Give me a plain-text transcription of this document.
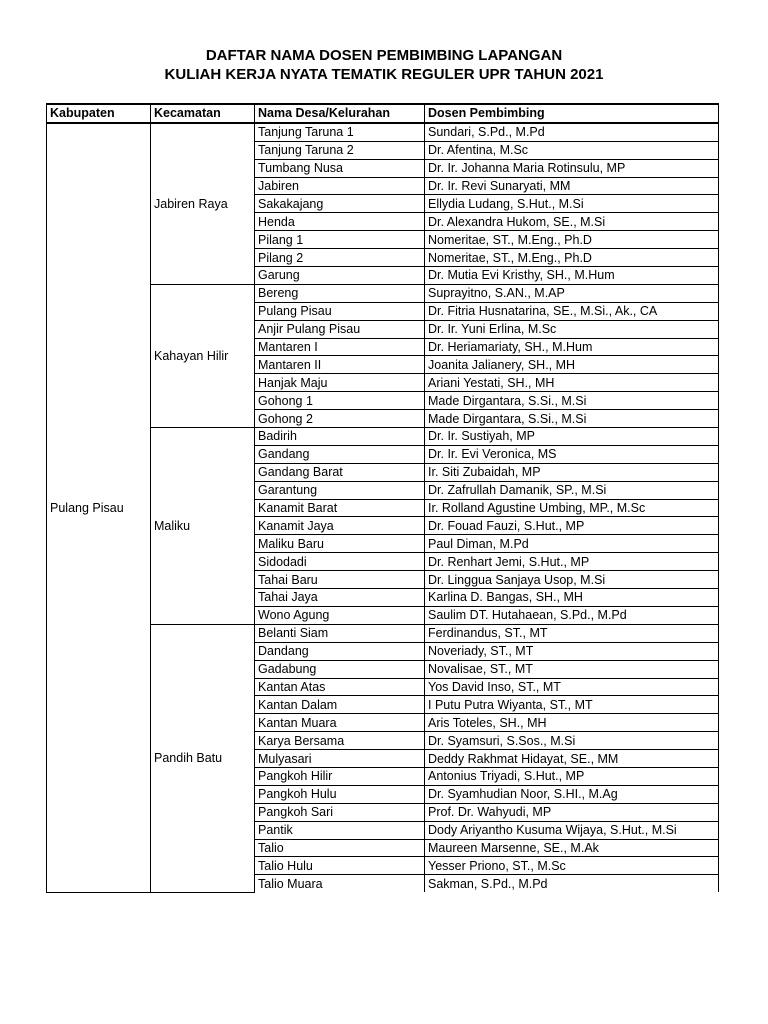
DAFTAR NAMA DOSEN PEMBIMBING LAPANGAN
KULIAH KERJA NYATA TEMATIK REGULER UPR TAHUN 2021
Kabupaten	Kecamatan	Nama Desa/Kelurahan	Dosen Pembimbing
Pulang Pisau	Jabiren Raya	Tanjung Taruna 1	Sundari, S.Pd., M.Pd
		Tanjung Taruna 2	Dr. Afentina, M.Sc
		Tumbang Nusa	Dr. Ir. Johanna Maria Rotinsulu, MP
		Jabiren	Dr. Ir. Revi Sunaryati, MM
		Sakakajang	Ellydia Ludang, S.Hut., M.Si
		Henda	Dr. Alexandra Hukom, SE., M.Si
		Pilang 1	Nomeritae, ST., M.Eng., Ph.D
		Pilang 2	Nomeritae, ST., M.Eng., Ph.D
		Garung	Dr. Mutia Evi Kristhy, SH., M.Hum
	Kahayan Hilir	Bereng	Suprayitno, S.AN., M.AP
		Pulang Pisau	Dr. Fitria Husnatarina, SE., M.Si., Ak., CA
		Anjir Pulang Pisau	Dr. Ir. Yuni Erlina, M.Sc
		Mantaren I	Dr. Heriamariaty, SH., M.Hum
		Mantaren II	Joanita Jalianery, SH., MH
		Hanjak Maju	Ariani Yestati, SH., MH
		Gohong 1	Made Dirgantara, S.Si., M.Si
		Gohong 2	Made Dirgantara, S.Si., M.Si
	Maliku	Badirih	Dr. Ir. Sustiyah, MP
		Gandang	Dr. Ir. Evi Veronica, MS
		Gandang Barat	Ir. Siti Zubaidah, MP
		Garantung	Dr. Zafrullah Damanik, SP., M.Si
		Kanamit Barat	Ir. Rolland Agustine Umbing, MP., M.Sc
		Kanamit Jaya	Dr. Fouad Fauzi, S.Hut., MP
		Maliku Baru	Paul Diman, M.Pd
		Sidodadi	Dr. Renhart Jemi, S.Hut., MP
		Tahai Baru	Dr. Linggua Sanjaya Usop, M.Si
		Tahai Jaya	Karlina D. Bangas, SH., MH
		Wono Agung	Saulim DT. Hutahaean, S.Pd., M.Pd
	Pandih Batu	Belanti Siam	Ferdinandus, ST., MT
		Dandang	Noveriady, ST., MT
		Gadabung	Novalisae, ST., MT
		Kantan Atas	Yos David Inso, ST., MT
		Kantan Dalam	I Putu Putra Wiyanta, ST., MT
		Kantan Muara	Aris Toteles, SH., MH
		Karya Bersama	Dr. Syamsuri, S.Sos., M.Si
		Mulyasari	Deddy Rakhmat Hidayat, SE., MM
		Pangkoh Hilir	Antonius Triyadi, S.Hut., MP
		Pangkoh Hulu	Dr. Syamhudian Noor, S.HI., M.Ag
		Pangkoh Sari	Prof. Dr. Wahyudi, MP
		Pantik	Dody Ariyantho Kusuma Wijaya, S.Hut., M.Si
		Talio	Maureen Marsenne, SE., M.Ak
		Talio Hulu	Yesser Priono, ST., M.Sc
		Talio Muara	Sakman, S.Pd., M.Pd
